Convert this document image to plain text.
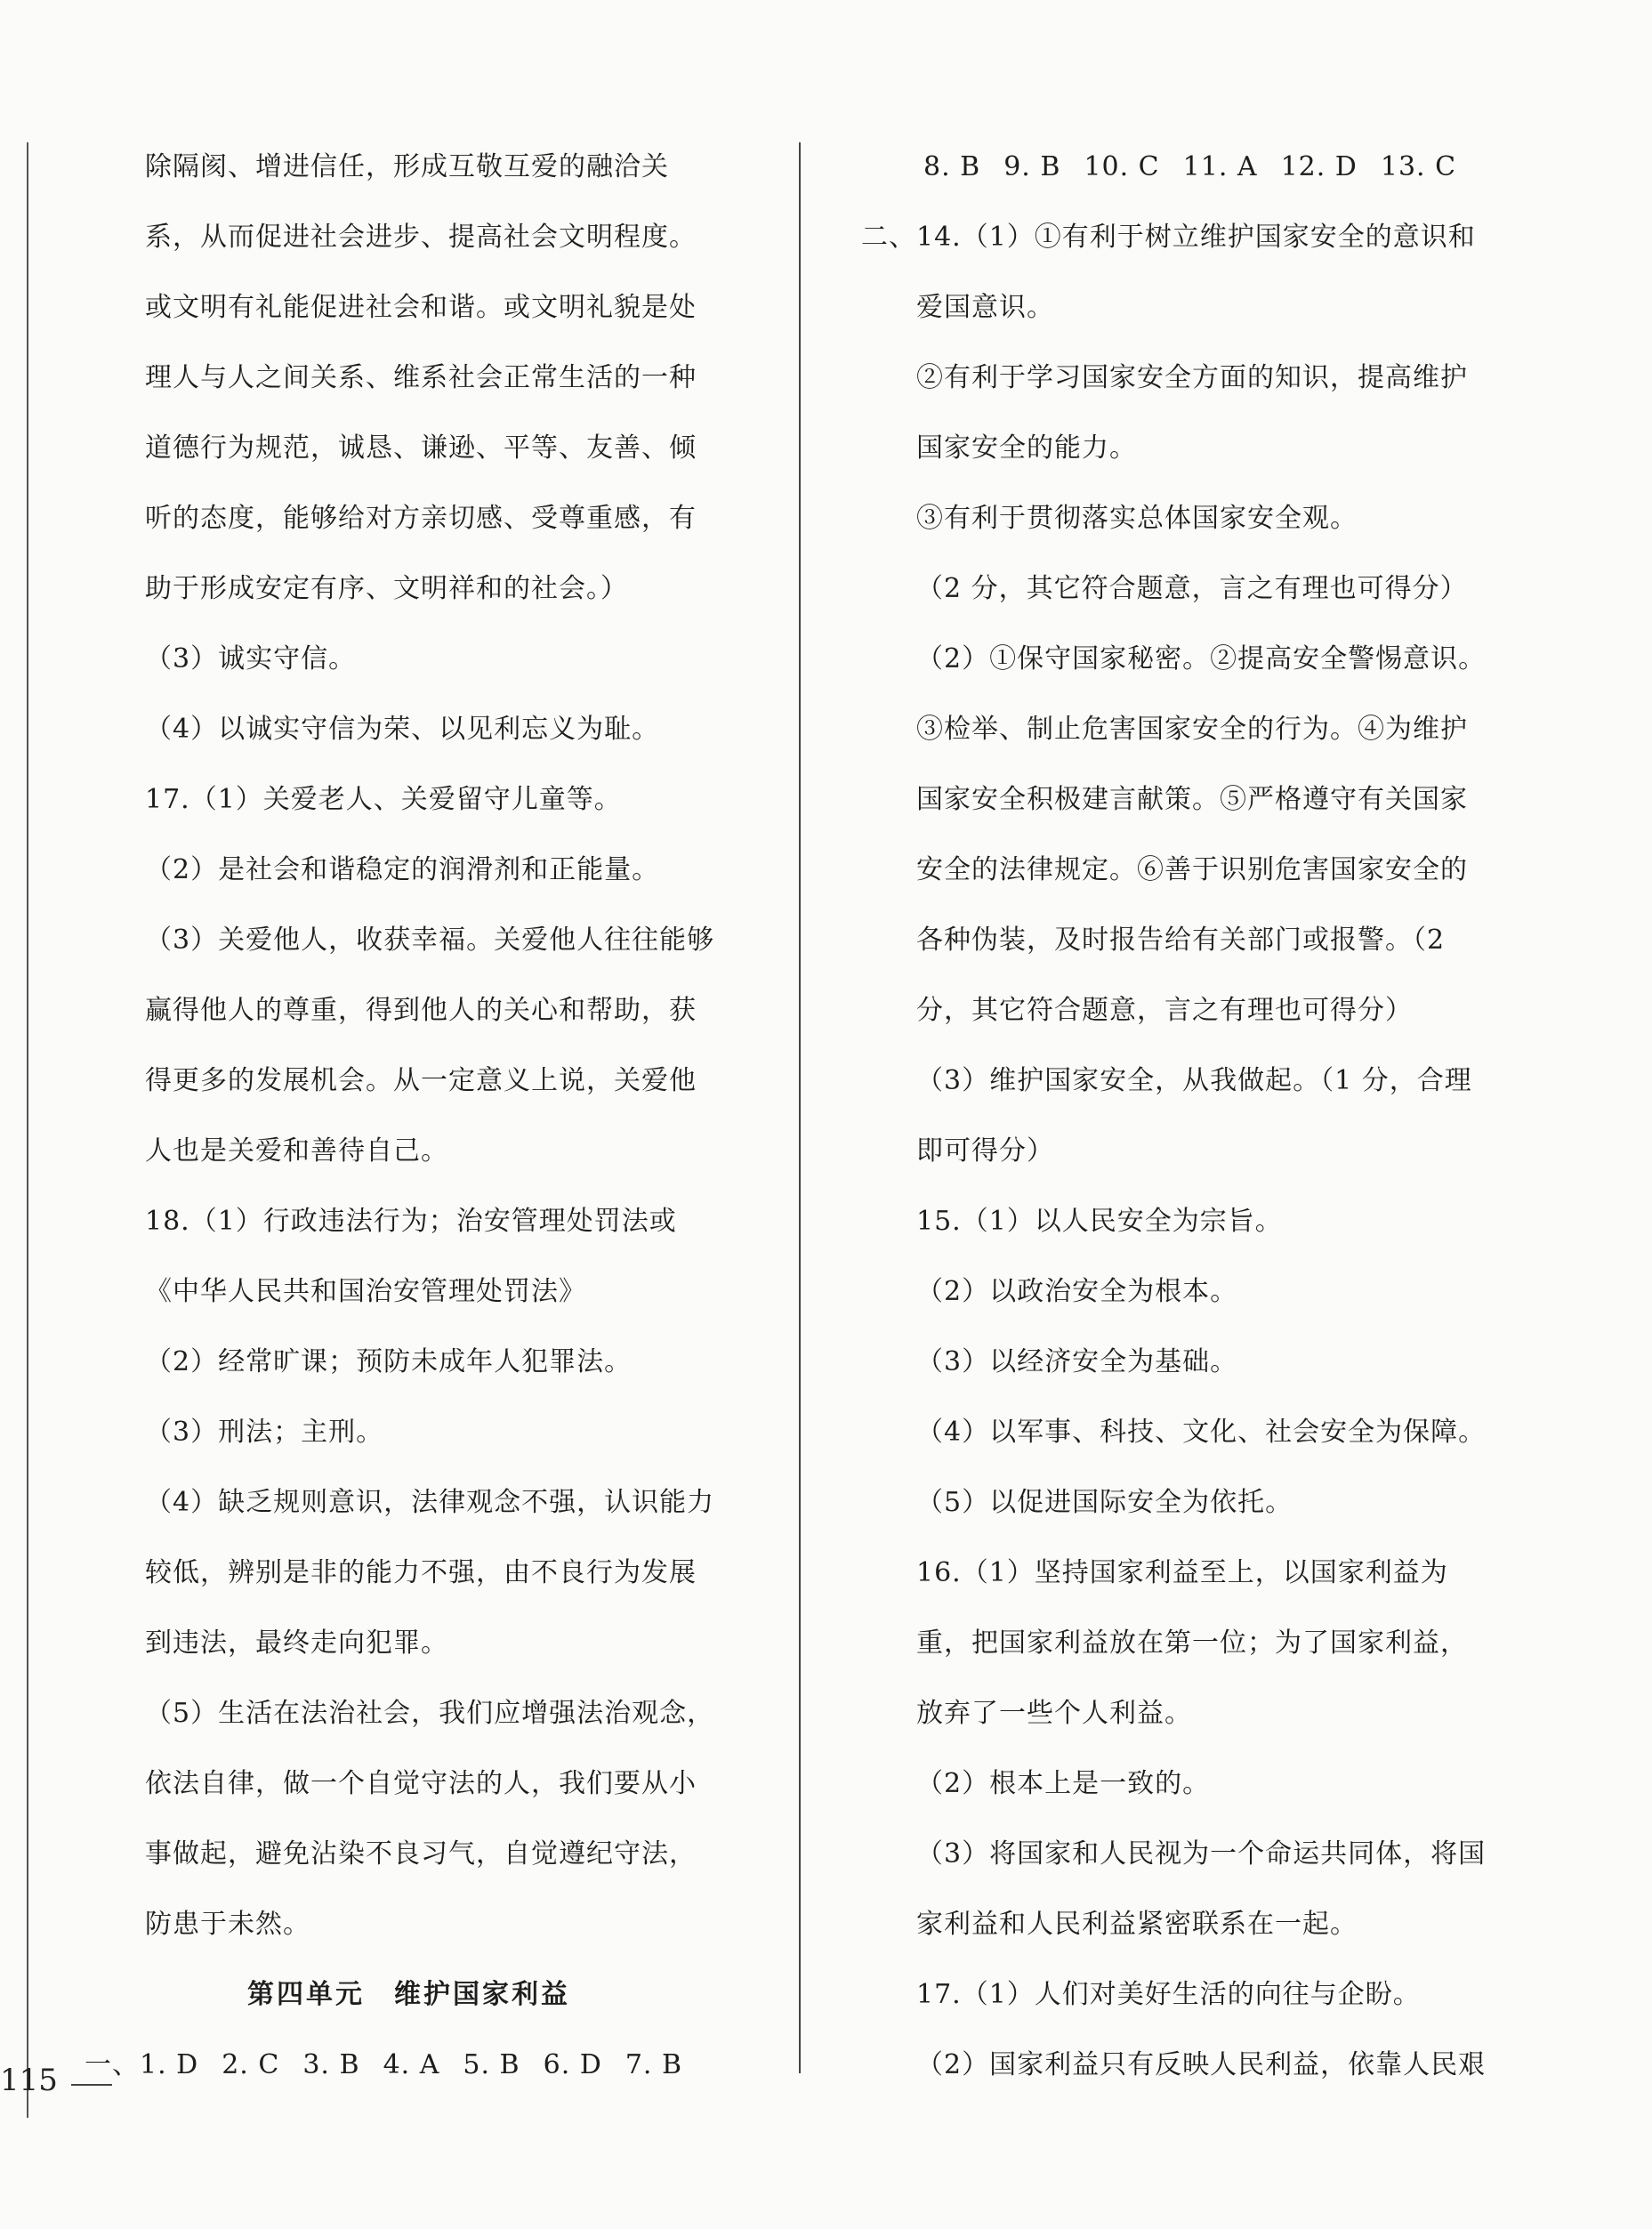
除隔阂、增进信任，形成互敬互爱的融洽关
系，从而促进社会进步、提高社会文明程度。
或文明有礼能促进社会和谐。或文明礼貌是处
理人与人之间关系、维系社会正常生活的一种
道德行为规范，诚恳、谦逊、平等、友善、倾
听的态度，能够给对方亲切感、受尊重感，有
助于形成安定有序、文明祥和的社会。）
（3）诚实守信。
（4）以诚实守信为荣、以见利忘义为耻。
17.（1）关爱老人、关爱留守儿童等。
（2）是社会和谐稳定的润滑剂和正能量。
（3）关爱他人，收获幸福。关爱他人往往能够
赢得他人的尊重，得到他人的关心和帮助，获
得更多的发展机会。从一定意义上说，关爱他
人也是关爱和善待自己。
18.（1）行政违法行为；治安管理处罚法或
《中华人民共和国治安管理处罚法》
（2）经常旷课；预防未成年人犯罪法。
（3）刑法；主刑。
（4）缺乏规则意识，法律观念不强，认识能力
较低，辨别是非的能力不强，由不良行为发展
到违法，最终走向犯罪。
（5）生活在法治社会，我们应增强法治观念，
依法自律，做一个自觉守法的人，我们要从小
事做起，避免沾染不良习气，自觉遵纪守法，
防患于未然。
第四单元　维护国家利益
一、1. D 2. C 3. B 4. A 5. B 6. D 7. B
8. B 9. B 10. C 11. A 12. D 13. C
二、14.（1）①有利于树立维护国家安全的意识和
爱国意识。
②有利于学习国家安全方面的知识，提高维护
国家安全的能力。
③有利于贯彻落实总体国家安全观。
（2 分，其它符合题意，言之有理也可得分）
（2）①保守国家秘密。②提高安全警惕意识。
③检举、制止危害国家安全的行为。④为维护
国家安全积极建言献策。⑤严格遵守有关国家
安全的法律规定。⑥善于识别危害国家安全的
各种伪装，及时报告给有关部门或报警。（2
分，其它符合题意，言之有理也可得分）
（3）维护国家安全，从我做起。（1 分，合理
即可得分）
15.（1）以人民安全为宗旨。
（2）以政治安全为根本。
（3）以经济安全为基础。
（4）以军事、科技、文化、社会安全为保障。
（5）以促进国际安全为依托。
16.（1）坚持国家利益至上，以国家利益为
重，把国家利益放在第一位；为了国家利益，
放弃了一些个人利益。
（2）根本上是一致的。
（3）将国家和人民视为一个命运共同体，将国
家利益和人民利益紧密联系在一起。
17.（1）人们对美好生活的向往与企盼。
（2）国家利益只有反映人民利益，依靠人民艰
115
